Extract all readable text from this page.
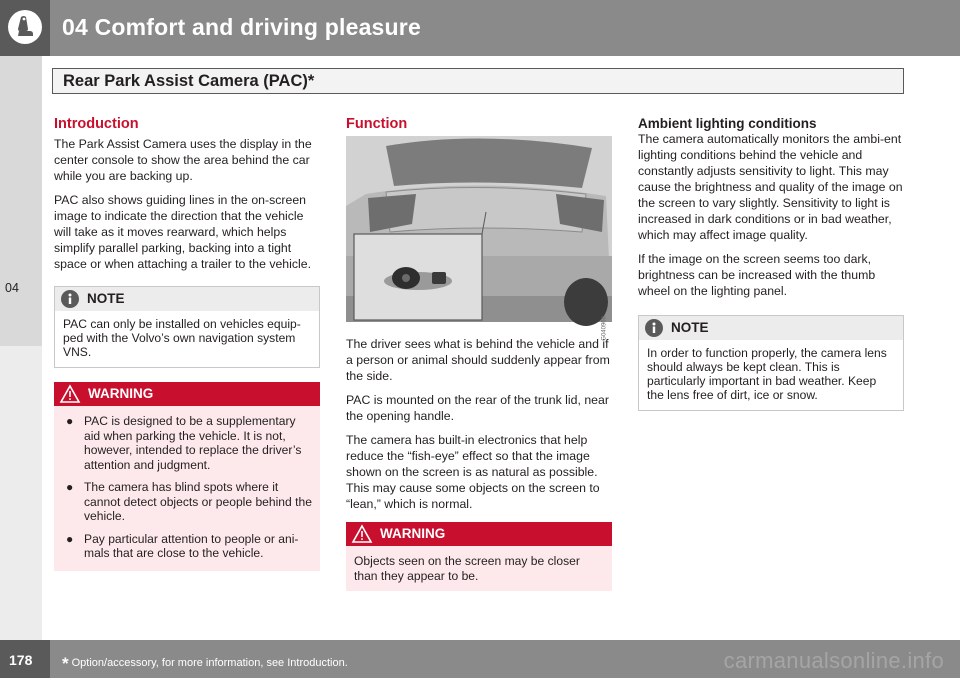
04 Comfort and driving pleasure
Rear Park Assist Camera (PAC)*
04
Introduction

The Park Assist Camera uses the display in the center console to show the area behind the car while you are backing up.

PAC also shows guiding lines in the on-screen image to indicate the direction that the vehicle will take as it moves rearward, which helps simplify parallel parking, backing into a tight space or when attaching a trailer to the vehicle.

NOTE
PAC can only be installed on vehicles equip-ped with the Volvo’s own navigation system VNS.
WARNING
● PAC is designed to be a supplementary aid when parking the vehicle. It is not, however, intended to replace the driver’s attention and judgment.
● The camera has blind spots where it cannot detect objects or people behind the vehicle.
● Pay particular attention to people or ani-mals that are close to the vehicle.
Function
G040960

The driver sees what is behind the vehicle and if a person or animal should suddenly appear from the side.

PAC is mounted on the rear of the trunk lid, near the opening handle.

The camera has built-in electronics that help reduce the “fish-eye” effect so that the image shown on the screen is as natural as possible. This may cause some objects on the screen to “lean,” which is normal.

WARNING
Objects seen on the screen may be closer than they appear to be.
Ambient lighting conditions

The camera automatically monitors the ambi-ent lighting conditions behind the vehicle and constantly adjusts sensitivity to light. This may cause the brightness and quality of the image on the screen to vary slightly. Sensitivity to light is increased in dark conditions or in bad weather, which may affect image quality.

If the image on the screen seems too dark, brightness can be increased with the thumb wheel on the lighting panel.

NOTE
In order to function properly, the camera lens should always be kept clean. This is particularly important in bad weather. Keep the lens free of dirt, ice or snow.
178 * Option/accessory, for more information, see Introduction.	carmanualsonline.info
